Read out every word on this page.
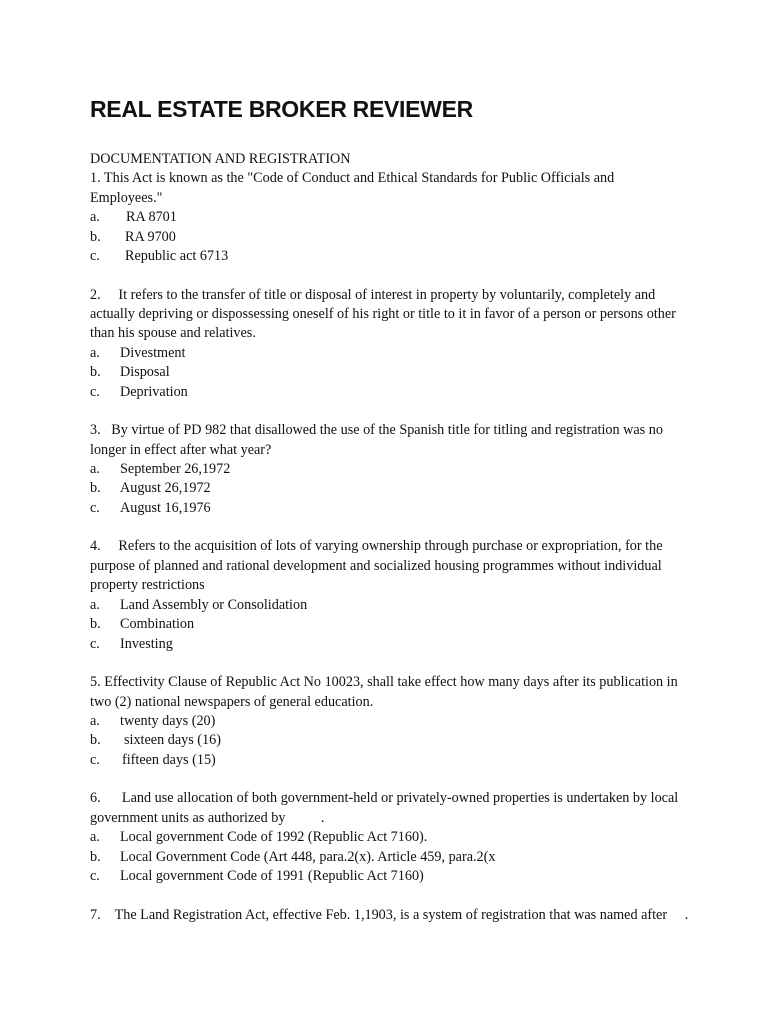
REAL ESTATE BROKER REVIEWER
DOCUMENTATION AND REGISTRATION
1. This Act is known as the "Code of Conduct and Ethical Standards for Public Officials and Employees."
a.	RA 8701
b.	RA 9700
c.	Republic act 6713
2.     It refers to the transfer of title or disposal of interest in property by voluntarily, completely and actually depriving or dispossessing oneself of his right or title to it in favor of a person or persons other than his spouse and relatives.
a.	Divestment
b.	Disposal
c.	Deprivation
3.   By virtue of PD 982 that disallowed the use of the Spanish title for titling and registration was no longer in effect after what year?
a.	September 26,1972
b.	August 26,1972
c.	August 16,1976
4.     Refers to the acquisition of lots of varying ownership through purchase or expropriation, for the purpose of planned and rational development and socialized housing programmes without individual property restrictions
a.	Land Assembly or Consolidation
b.	Combination
c.	Investing
5. Effectivity Clause of Republic Act No 10023, shall take effect how many days after its publication in two (2) national newspapers of general education.
a.	twenty days (20)
b.	sixteen days (16)
c.	fifteen days (15)
6.      Land use allocation of both government-held or privately-owned properties is undertaken by local government units as authorized by          .
a.	Local government Code of 1992 (Republic Act 7160).
b.	Local Government Code (Art 448, para.2(x). Article 459, para.2(x
c.	Local government Code of 1991 (Republic Act 7160)
7.    The Land Registration Act, effective Feb. 1,1903, is a system of registration that was named after     .
